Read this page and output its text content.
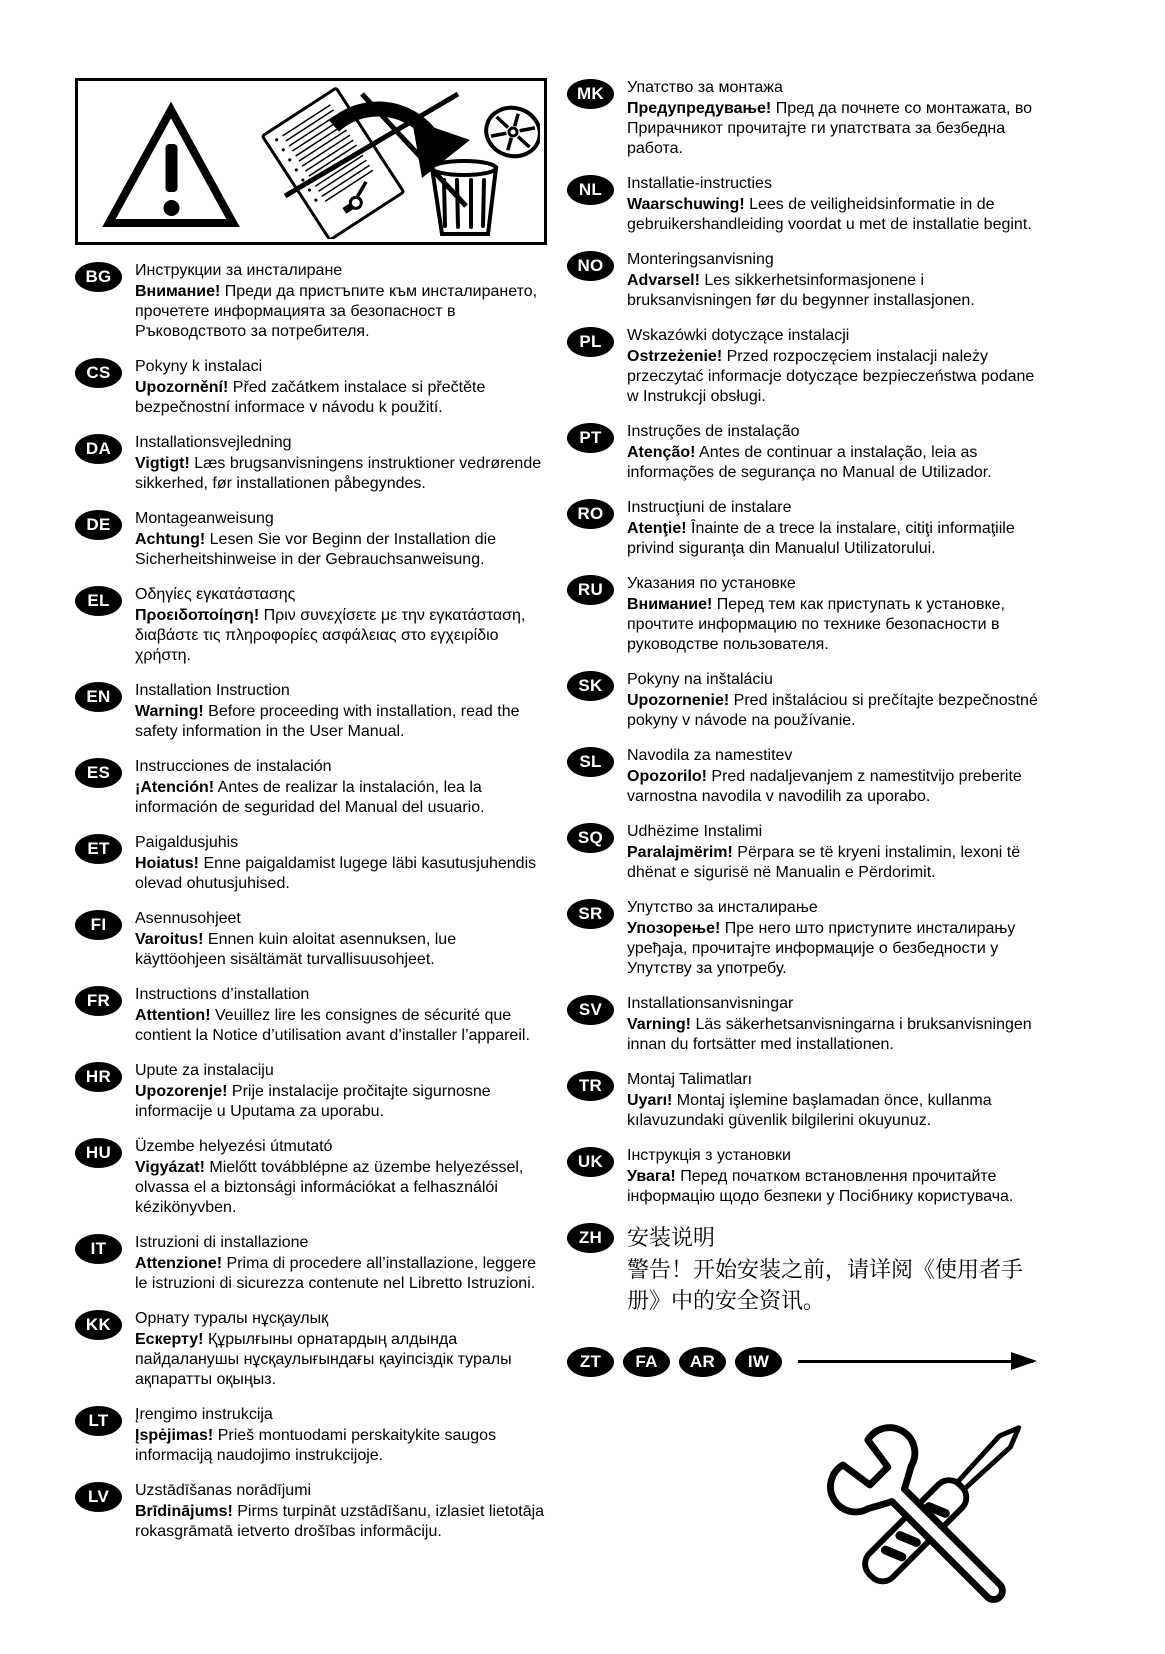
BG	Инструкции за инсталиране
Внимание! Преди да пристъпите към инсталирането, прочетете информацията за безопасност в Ръководството за потребителя.
CS	Pokyny k instalaci
Upozornění! Před začátkem instalace si přečtěte bezpečnostní informace v návodu k použití.
DA	Installationsvejledning
Vigtigt! Læs brugsanvisningens instruktioner vedrørende sikkerhed, før installationen påbegyndes.
DE	Montageanweisung
Achtung! Lesen Sie vor Beginn der Installation die Sicherheitshinweise in der Gebrauchsanweisung.
EL	Οδηγίες εγκατάστασης
Προειδοποίηση! Πριν συνεχίσετε με την εγκατάσταση, διαβάστε τις πληροφορίες ασφάλειας στο εγχειρίδιο χρήστη.
EN	Installation Instruction
Warning! Before proceeding with installation, read the safety information in the User Manual.
ES	Instrucciones de instalación
¡Atención! Antes de realizar la instalación, lea la información de seguridad del Manual del usuario.
ET	Paigaldusjuhis
Hoiatus! Enne paigaldamist lugege läbi kasutusjuhendis olevad ohutusjuhised.
FI	Asennusohjeet
Varoitus! Ennen kuin aloitat asennuksen, lue käyttöohjeen sisältämät turvallisuusohjeet.
FR	Instructions d’installation
Attention! Veuillez lire les consignes de sécurité que contient la Notice d’utilisation avant d’installer l’appareil.
HR	Upute za instalaciju
Upozorenje! Prije instalacije pročitajte sigurnosne informacije u Uputama za uporabu.
HU	Üzembe helyezési útmutató
Vigyázat! Mielőtt továbblépne az üzembe helyezéssel, olvassa el a biztonsági információkat a felhasználói kézikönyvben.
IT	Istruzioni di installazione
Attenzione! Prima di procedere all’installazione, leggere le istruzioni di sicurezza contenute nel Libretto Istruzioni.
KK	Орнату туралы нұсқаулық
Ескерту! Құрылғыны орнатардың алдында пайдаланушы нұсқаулығындағы қауіпсіздік туралы ақпаратты оқыңыз.
LT	Įrengimo instrukcija
Įspėjimas! Prieš montuodami perskaitykite saugos informaciją naudojimo instrukcijoje.
LV	Uzstādīšanas norādījumi
Brīdinājums! Pirms turpināt uzstādīšanu, izlasiet lietotāja rokasgrāmatā ietverto drošības informāciju.
MK	Упатство за монтажа
Предупредување! Пред да почнете со монтажата, во Прирачникот прочитајте ги упатствата за безбедна работа.
NL	Installatie-instructies
Waarschuwing! Lees de veiligheidsinformatie in de gebruikershandleiding voordat u met de installatie begint.
NO	Monteringsanvisning
Advarsel! Les sikkerhetsinformasjonene i bruksanvisningen før du begynner installasjonen.
PL	Wskazówki dotyczące instalacji
Ostrzeżenie! Przed rozpoczęciem instalacji należy przeczytać informacje dotyczące bezpieczeństwa podane w Instrukcji obsługi.
PT	Instruções de instalação
Atenção! Antes de continuar a instalação, leia as informações de segurança no Manual de Utilizador.
RO	Instrucţiuni de instalare
Atenţie! Înainte de a trece la instalare, citiţi informaţiile privind siguranţa din Manualul Utilizatorului.
RU	Указания по установке
Внимание! Перед тем как приступать к установке, прочтите информацию по технике безопасности в руководстве пользователя.
SK	Pokyny na inštaláciu
Upozornenie! Pred inštaláciou si prečítajte bezpečnostné pokyny v návode na používanie.
SL	Navodila za namestitev
Opozorilo! Pred nadaljevanjem z namestitvijo preberite varnostna navodila v navodilih za uporabo.
SQ	Udhëzime Instalimi
Paralajmërim! Përpara se të kryeni instalimin, lexoni të dhënat e sigurisë në Manualin e Përdorimit.
SR	Упутство за инсталирање
Упозорење! Пре него што приступите инсталирању уређаја, прочитајте информације о безбедности у Упутству за употребу.
SV	Installationsanvisningar
Varning! Läs säkerhetsanvisningarna i bruksanvisningen innan du fortsätter med installationen.
TR	Montaj Talimatları
Uyarı! Montaj işlemine başlamadan önce, kullanma kılavuzundaki güvenlik bilgilerini okuyunuz.
UK	Інструкція з установки
Увага! Перед початком встановлення прочитайте інформацію щодо безпеки у Посібнику користувача.
ZH	安装说明
警告！开始安装之前，请详阅《使用者手册》中的安全资讯。
ZT	FA	AR	IW
